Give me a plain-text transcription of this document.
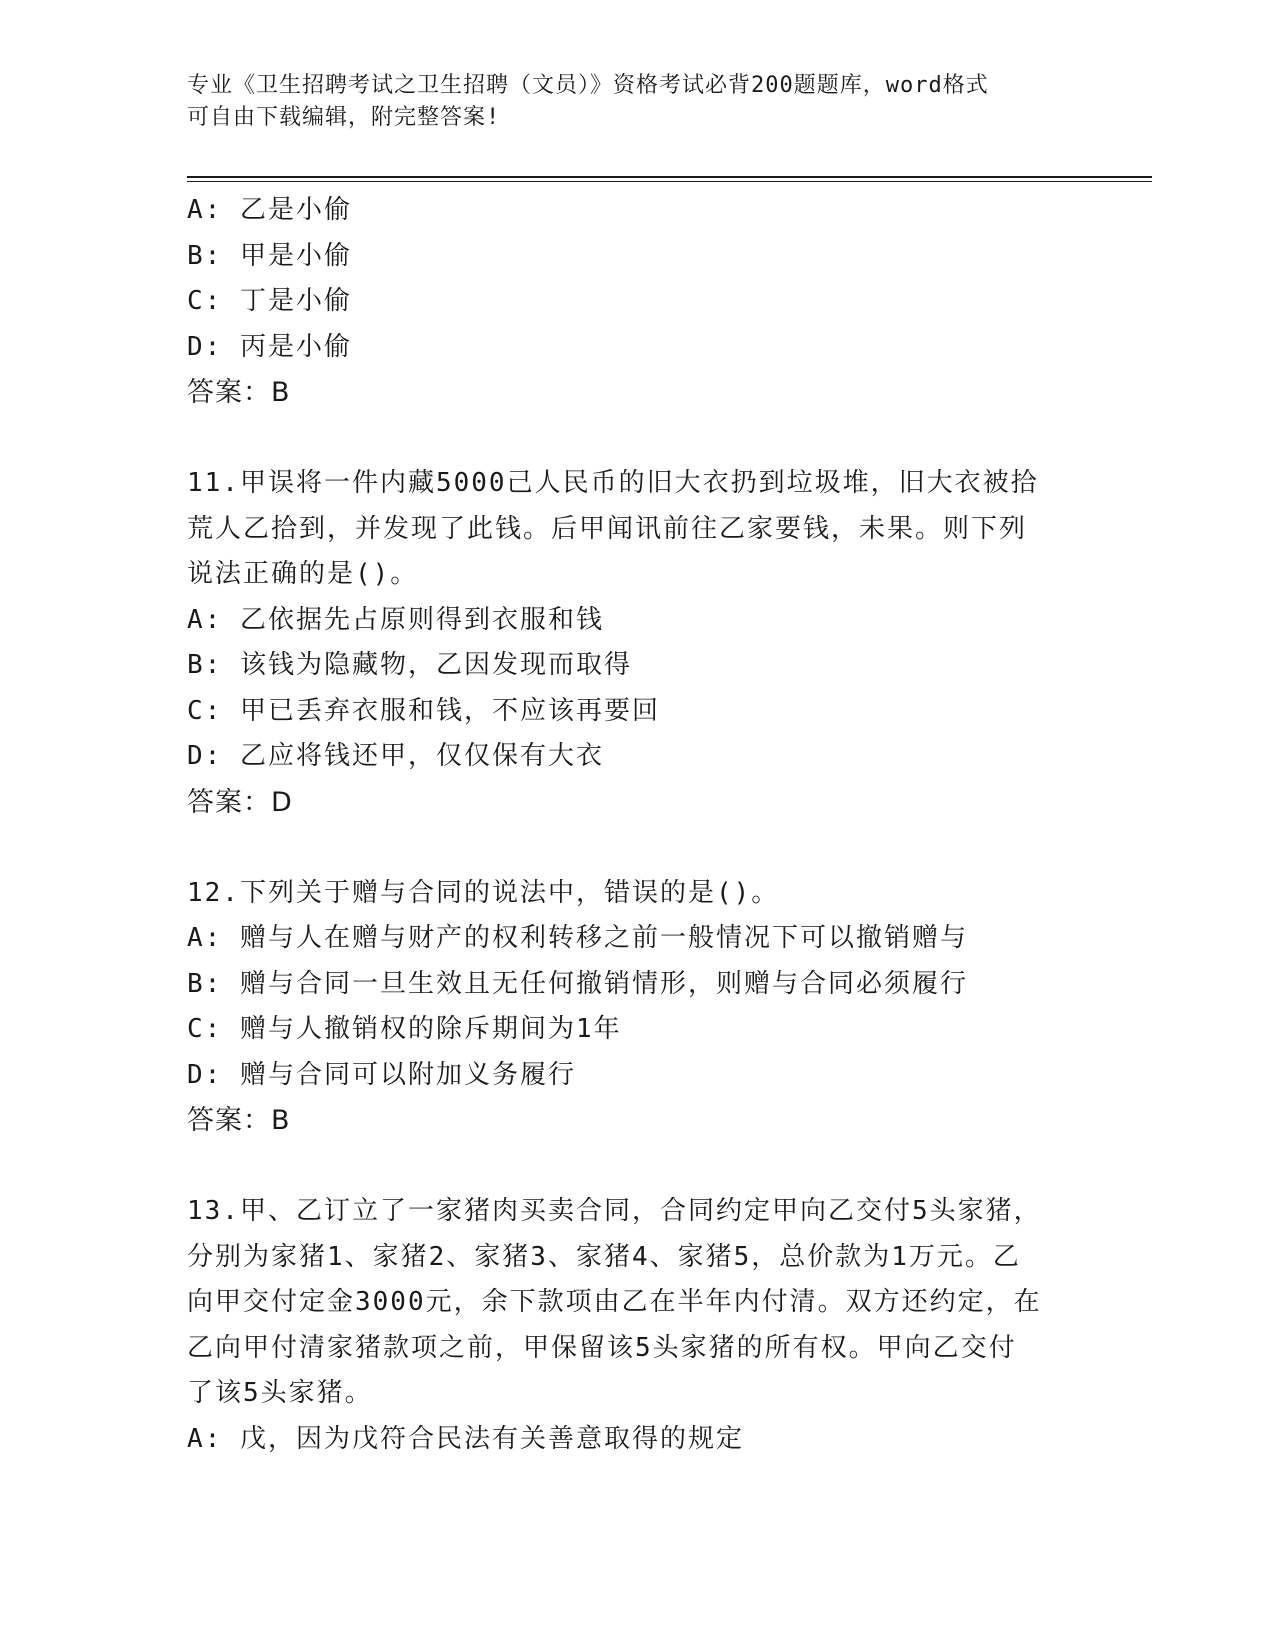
专业《卫生招聘考试之卫生招聘（文员）》资格考试必背200题题库，word格式
可自由下载编辑，附完整答案!
A: 乙是小偷
B: 甲是小偷
C: 丁是小偷
D: 丙是小偷
答案：B
11.甲误将一件内藏5000己人民币的旧大衣扔到垃圾堆，旧大衣被拾
荒人乙拾到，并发现了此钱。后甲闻讯前往乙家要钱，未果。则下列
说法正确的是()。
A: 乙依据先占原则得到衣服和钱
B: 该钱为隐藏物，乙因发现而取得
C: 甲已丢弃衣服和钱，不应该再要回
D: 乙应将钱还甲，仅仅保有大衣
答案：D
12.下列关于赠与合同的说法中，错误的是()。
A: 赠与人在赠与财产的权利转移之前一般情况下可以撤销赠与
B: 赠与合同一旦生效且无任何撤销情形，则赠与合同必须履行
C: 赠与人撤销权的除斥期间为1年
D: 赠与合同可以附加义务履行
答案：B
13.甲、乙订立了一家猪肉买卖合同，合同约定甲向乙交付5头家猪，
分别为家猪1、家猪2、家猪3、家猪4、家猪5，总价款为1万元。乙
向甲交付定金3000元，余下款项由乙在半年内付清。双方还约定，在
乙向甲付清家猪款项之前，甲保留该5头家猪的所有权。甲向乙交付
了该5头家猪。
A: 戊，因为戊符合民法有关善意取得的规定
